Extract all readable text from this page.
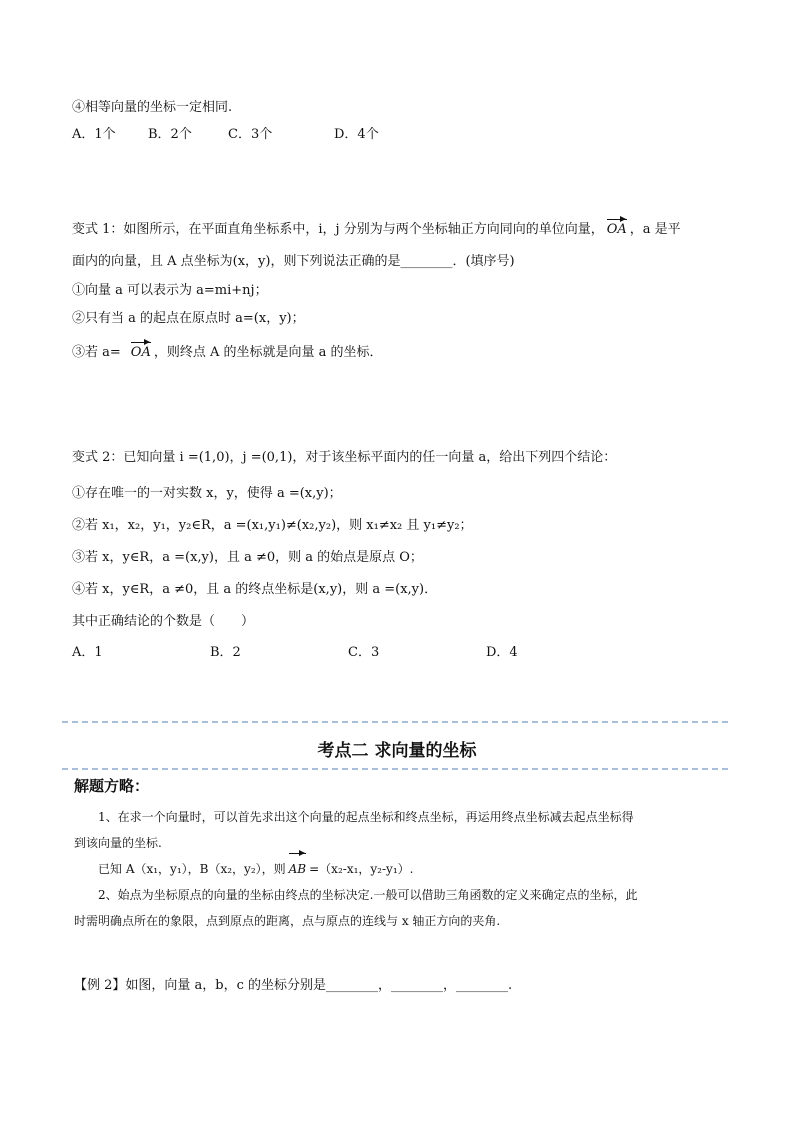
④相等向量的坐标一定相同.
A．1个 B．2个	C．3个	D．4个
变式 1：如图所示，在平面直角坐标系中，i，j 分别为与两个坐标轴正方向同向的单位向量， OA ，a 是平
面内的向量，且 A 点坐标为(x，y)，则下列说法正确的是________．(填序号)
①向量 a 可以表示为 a=mi+nj；
②只有当 a 的起点在原点时 a=(x，y)；
③若 a= OA ，则终点 A 的坐标就是向量 a 的坐标．
变式 2：已知向量 i =(1,0)，j =(0,1)，对于该坐标平面内的任一向量 a，给出下列四个结论：
①存在唯一的一对实数 x，y，使得 a =(x,y)；
②若 x₁，x₂，y₁，y₂∈R，a =(x₁,y₁)≠(x₂,y₂)，则 x₁≠x₂ 且 y₁≠y₂；
③若 x，y∈R，a =(x,y)，且 a ≠0，则 a 的始点是原点 O；
④若 x，y∈R，a ≠0，且 a 的终点坐标是(x,y)，则 a =(x,y)．
其中正确结论的个数是（　　）
A．1	B．2	C．3	D．4
考点二 求向量的坐标
解题方略：
1、在求一个向量时，可以首先求出这个向量的起点坐标和终点坐标，再运用终点坐标减去起点坐标得
到该向量的坐标.
已知 A（x₁，y₁），B（x₂，y₂），则 AB =（x₂-x₁，y₂-y₁）.
2、始点为坐标原点的向量的坐标由终点的坐标决定.一般可以借助三角函数的定义来确定点的坐标，此
时需明确点所在的象限，点到原点的距离，点与原点的连线与 x 轴正方向的夹角.
【例 2】如图，向量 a，b，c 的坐标分别是________，________，________.
